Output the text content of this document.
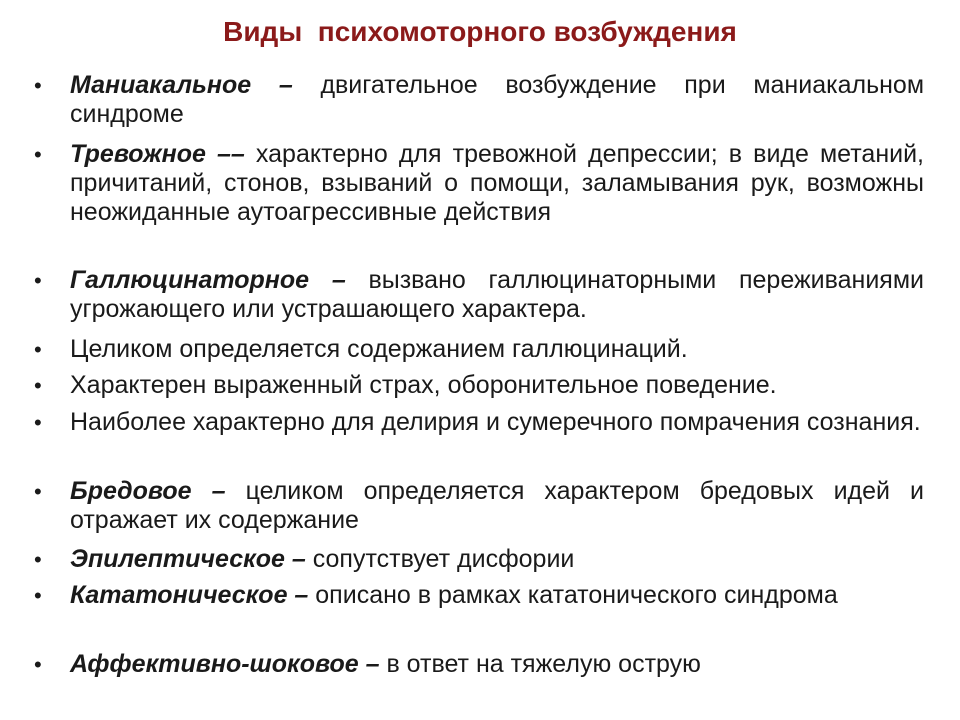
Виды  психомоторного возбуждения
• Маниакальное – двигательное возбуждение при маниакальном синдроме
• Тревожное –– характерно для тревожной депрессии; в виде метаний, причитаний, стонов, взываний о помощи, заламывания рук, возможны неожиданные аутоагрессивные действия
• Галлюцинаторное – вызвано галлюцинаторными переживаниями угрожающего или устрашающего характера.
• Целиком определяется содержанием галлюцинаций.
• Характерен выраженный страх, оборонительное поведение.
• Наиболее характерно для делирия и сумеречного помрачения сознания.
• Бредовое – целиком определяется характером бредовых идей и отражает их содержание
• Эпилептическое – сопутствует дисфории
• Кататоническое – описано в рамках кататонического синдрома
• Аффективно-шоковое – в ответ на тяжелую острую
